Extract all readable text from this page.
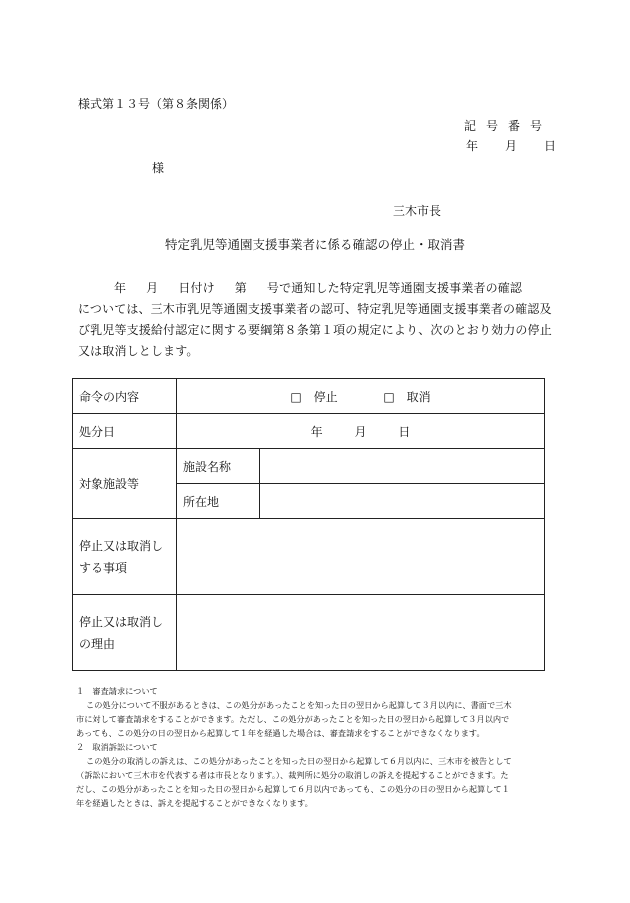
様式第１３号（第８条関係）
記号番号
年 月 日
様
三木市長
特定乳児等通園支援事業者に係る確認の停止・取消書
年 月 日付け 第 号で通知した特定乳児等通園支援事業者の確認
については、三木市乳児等通園支援事業者の認可、特定乳児等通園支援事業者の確認及
び乳児等支援給付認定に関する要綱第８条第１項の規定により、次のとおり効力の停止
又は取消しとします。
命令の内容	□　停止 □　取消	
処分日	年 月 日	
対象施設等	施設名称	
	所在地	
停止又は取消し
する事項		
停止又は取消し
の理由		
１　審査請求について
この処分について不服があるときは、この処分があったことを知った日の翌日から起算して３月以内に、書面で三木
市に対して審査請求をすることができます。ただし、この処分があったことを知った日の翌日から起算して３月以内で
あっても、この処分の日の翌日から起算して１年を経過した場合は、審査請求をすることができなくなります。
２　取消訴訟について
この処分の取消しの訴えは、この処分があったことを知った日の翌日から起算して６月以内に、三木市を被告として
（訴訟において三木市を代表する者は市長となります。）、裁判所に処分の取消しの訴えを提起することができます。た
だし、この処分があったことを知った日の翌日から起算して６月以内であっても、この処分の日の翌日から起算して１
年を経過したときは、訴えを提起することができなくなります。
